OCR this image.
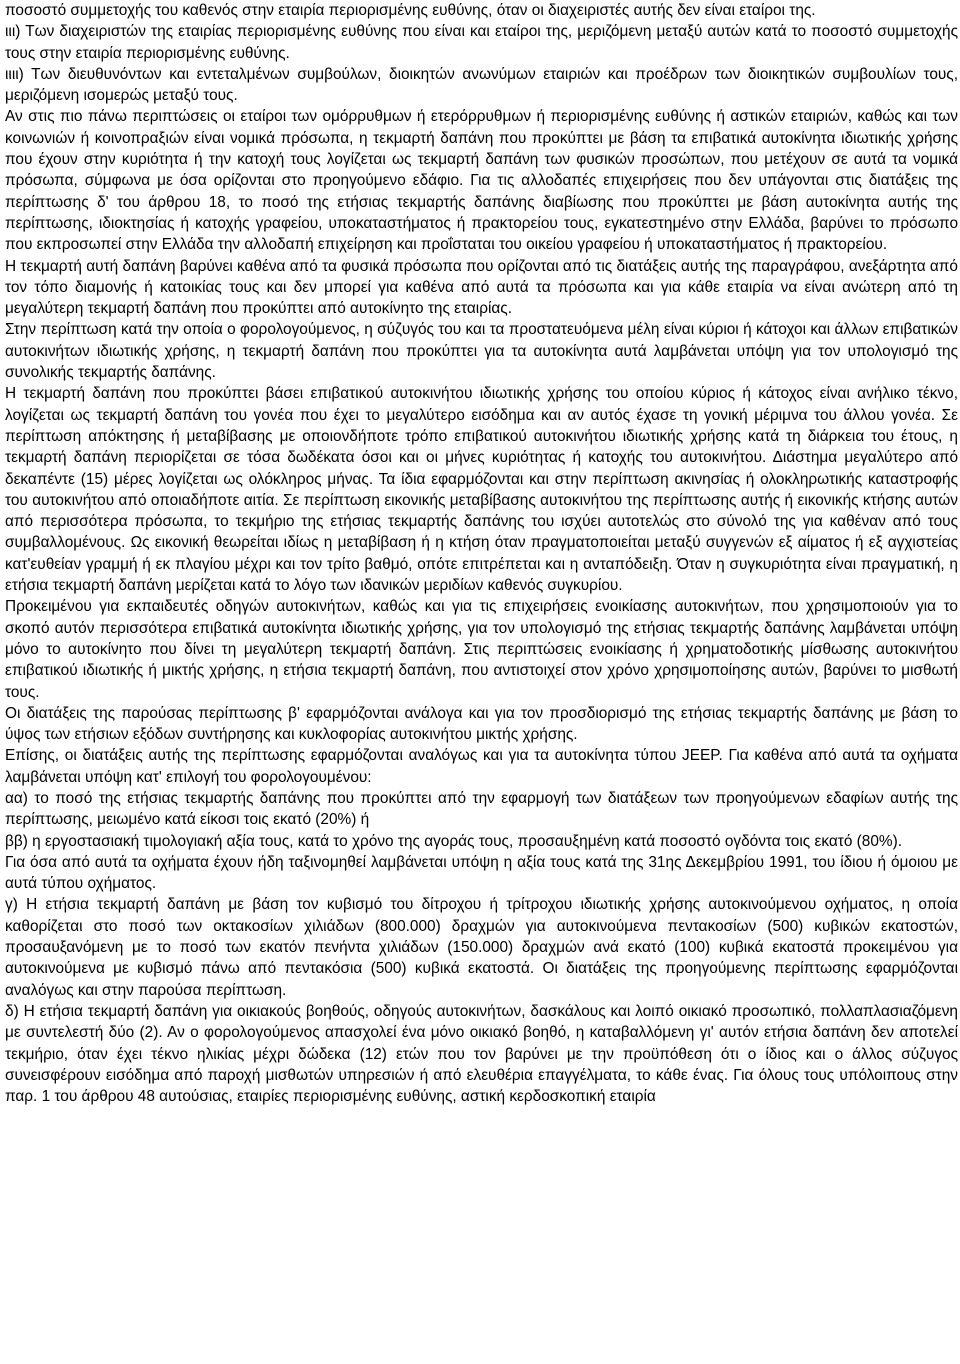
ποσοστό συμμετοχής του καθενός στην εταιρία περιορισμένης ευθύνης, όταν οι διαχειριστές αυτής δεν είναι εταίροι της.

ιιι) Των διαχειριστών της εταιρίας περιορισμένης ευθύνης που είναι και εταίροι της, μεριζόμενη μεταξύ αυτών κατά το ποσοστό συμμετοχής τους στην εταιρία περιορισμένης ευθύνης.

ιιιι) Των διευθυνόντων και εντεταλμένων συμβούλων, διοικητών ανωνύμων εταιριών και προέδρων των διοικητικών συμβουλίων τους, μεριζόμενη ισομερώς μεταξύ τους.

Αν στις πιο πάνω περιπτώσεις οι εταίροι των ομόρρυθμων ή ετερόρρυθμων ή περιορισμένης ευθύνης ή αστικών εταιριών, καθώς και των κοινωνιών ή κοινοπραξιών είναι νομικά πρόσωπα, η τεκμαρτή δαπάνη που προκύπτει με βάση τα επιβατικά αυτοκίνητα ιδιωτικής χρήσης που έχουν στην κυριότητα ή την κατοχή τους λογίζεται ως τεκμαρτή δαπάνη των φυσικών προσώπων, που μετέχουν σε αυτά τα νομικά πρόσωπα, σύμφωνα με όσα ορίζονται στο προηγούμενο εδάφιο. Για τις αλλοδαπές επιχειρήσεις που δεν υπάγονται στις διατάξεις της περίπτωσης δ' του άρθρου 18, το ποσό της ετήσιας τεκμαρτής δαπάνης διαβίωσης που προκύπτει με βάση αυτοκίνητα αυτής της περίπτωσης, ιδιοκτησίας ή κατοχής γραφείου, υποκαταστήματος ή πρακτορείου τους, εγκατεστημένο στην Ελλάδα, βαρύνει το πρόσωπο που εκπροσωπεί στην Ελλάδα την αλλοδαπή επιχείρηση και προΐσταται του οικείου γραφείου ή υποκαταστήματος ή πρακτορείου.

Η τεκμαρτή αυτή δαπάνη βαρύνει καθένα από τα φυσικά πρόσωπα που ορίζονται από τις διατάξεις αυτής της παραγράφου, ανεξάρτητα από τον τόπο διαμονής ή κατοικίας τους και δεν μπορεί για καθένα από αυτά τα πρόσωπα και για κάθε εταιρία να είναι ανώτερη από τη μεγαλύτερη τεκμαρτή δαπάνη που προκύπτει από αυτοκίνητο της εταιρίας.

Στην περίπτωση κατά την οποία ο φορολογούμενος, η σύζυγός του και τα προστατευόμενα μέλη είναι κύριοι ή κάτοχοι και άλλων επιβατικών αυτοκινήτων ιδιωτικής χρήσης, η τεκμαρτή δαπάνη που προκύπτει για τα αυτοκίνητα αυτά λαμβάνεται υπόψη για τον υπολογισμό της συνολικής τεκμαρτής δαπάνης.

Η τεκμαρτή δαπάνη που προκύπτει βάσει επιβατικού αυτοκινήτου ιδιωτικής χρήσης του οποίου κύριος ή κάτοχος είναι ανήλικο τέκνο, λογίζεται ως τεκμαρτή δαπάνη του γονέα που έχει το μεγαλύτερο εισόδημα και αν αυτός έχασε τη γονική μέριμνα του άλλου γονέα. Σε περίπτωση απόκτησης ή μεταβίβασης με οποιονδήποτε τρόπο επιβατικού αυτοκινήτου ιδιωτικής χρήσης κατά τη διάρκεια του έτους, η τεκμαρτή δαπάνη περιορίζεται σε τόσα δωδέκατα όσοι και οι μήνες κυριότητας ή κατοχής του αυτοκινήτου. Διάστημα μεγαλύτερο από δεκαπέντε (15) μέρες λογίζεται ως ολόκληρος μήνας. Τα ίδια εφαρμόζονται και στην περίπτωση ακινησίας ή ολοκληρωτικής καταστροφής του αυτοκινήτου από οποιαδήποτε αιτία. Σε περίπτωση εικονικής μεταβίβασης αυτοκινήτου της περίπτωσης αυτής ή εικονικής κτήσης αυτών από περισσότερα πρόσωπα, το τεκμήριο της ετήσιας τεκμαρτής δαπάνης του ισχύει αυτοτελώς στο σύνολό της για καθέναν από τους συμβαλλομένους. Ως εικονική θεωρείται ιδίως η μεταβίβαση ή η κτήση όταν πραγματοποιείται μεταξύ συγγενών εξ αίματος ή εξ αγχιστείας κατ'ευθείαν γραμμή ή εκ πλαγίου μέχρι και τον τρίτο βαθμό, οπότε επιτρέπεται και η ανταπόδειξη. Όταν η συγκυριότητα είναι πραγματική, η ετήσια τεκμαρτή δαπάνη μερίζεται κατά το λόγο των ιδανικών μεριδίων καθενός συγκυρίου.

Προκειμένου για εκπαιδευτές οδηγών αυτοκινήτων, καθώς και για τις επιχειρήσεις ενοικίασης αυτοκινήτων, που χρησιμοποιούν για το σκοπό αυτόν περισσότερα επιβατικά αυτοκίνητα ιδιωτικής χρήσης, για τον υπολογισμό της ετήσιας τεκμαρτής δαπάνης λαμβάνεται υπόψη μόνο το αυτοκίνητο που δίνει τη μεγαλύτερη τεκμαρτή δαπάνη. Στις περιπτώσεις ενοικίασης ή χρηματοδοτικής μίσθωσης αυτοκινήτου επιβατικού ιδιωτικής ή μικτής χρήσης, η ετήσια τεκμαρτή δαπάνη, που αντιστοιχεί στον χρόνο χρησιμοποίησης αυτών, βαρύνει το μισθωτή τους.

Οι διατάξεις της παρούσας περίπτωσης β' εφαρμόζονται ανάλογα και για τον προσδιορισμό της ετήσιας τεκμαρτής δαπάνης με βάση το ύψος των ετήσιων εξόδων συντήρησης και κυκλοφορίας αυτοκινήτου μικτής χρήσης.

Επίσης, οι διατάξεις αυτής της περίπτωσης εφαρμόζονται αναλόγως και για τα αυτοκίνητα τύπου JEEP. Για καθένα από αυτά τα οχήματα λαμβάνεται υπόψη κατ' επιλογή του φορολογουμένου:

αα) το ποσό της ετήσιας τεκμαρτής δαπάνης που προκύπτει από την εφαρμογή των διατάξεων των προηγούμενων εδαφίων αυτής της περίπτωσης, μειωμένο κατά είκοσι τοις εκατό (20%) ή

ββ) η εργοστασιακή τιμολογιακή αξία τους, κατά το χρόνο της αγοράς τους, προσαυξημένη κατά ποσοστό ογδόντα τοις εκατό (80%).

Για όσα από αυτά τα οχήματα έχουν ήδη ταξινομηθεί λαμβάνεται υπόψη η αξία τους κατά της 31ης Δεκεμβρίου 1991, του ίδιου ή όμοιου με αυτά τύπου οχήματος.

γ) Η ετήσια τεκμαρτή δαπάνη με βάση τον κυβισμό του δίτροχου ή τρίτροχου ιδιωτικής χρήσης αυτοκινούμενου οχήματος, η οποία καθορίζεται στο ποσό των οκτακοσίων χιλιάδων (800.000) δραχμών για αυτοκινούμενα πεντακοσίων (500) κυβικών εκατοστών, προσαυξανόμενη με το ποσό των εκατόν πενήντα χιλιάδων (150.000) δραχμών ανά εκατό (100) κυβικά εκατοστά προκειμένου για αυτοκινούμενα με κυβισμό πάνω από πεντακόσια (500) κυβικά εκατοστά. Οι διατάξεις της προηγούμενης περίπτωσης εφαρμόζονται αναλόγως και στην παρούσα περίπτωση.

δ) Η ετήσια τεκμαρτή δαπάνη για οικιακούς βοηθούς, οδηγούς αυτοκινήτων, δασκάλους και λοιπό οικιακό προσωπικό, πολλαπλασιαζόμενη με συντελεστή δύο (2). Αν ο φορολογούμενος απασχολεί ένα μόνο οικιακό βοηθό, η καταβαλλόμενη γι' αυτόν ετήσια δαπάνη δεν αποτελεί τεκμήριο, όταν έχει τέκνο ηλικίας μέχρι δώδεκα (12) ετών που τον βαρύνει με την προϋπόθεση ότι ο ίδιος και ο άλλος σύζυγος συνεισφέρουν εισόδημα από παροχή μισθωτών υπηρεσιών ή από ελευθέρια επαγγέλματα, το κάθε ένας. Για όλους τους υπόλοιπους στην παρ. 1 του άρθρου 48 αυτούσιας, εταιρίες περιορισμένης ευθύνης, αστική κερδοσκοπική εταιρία
